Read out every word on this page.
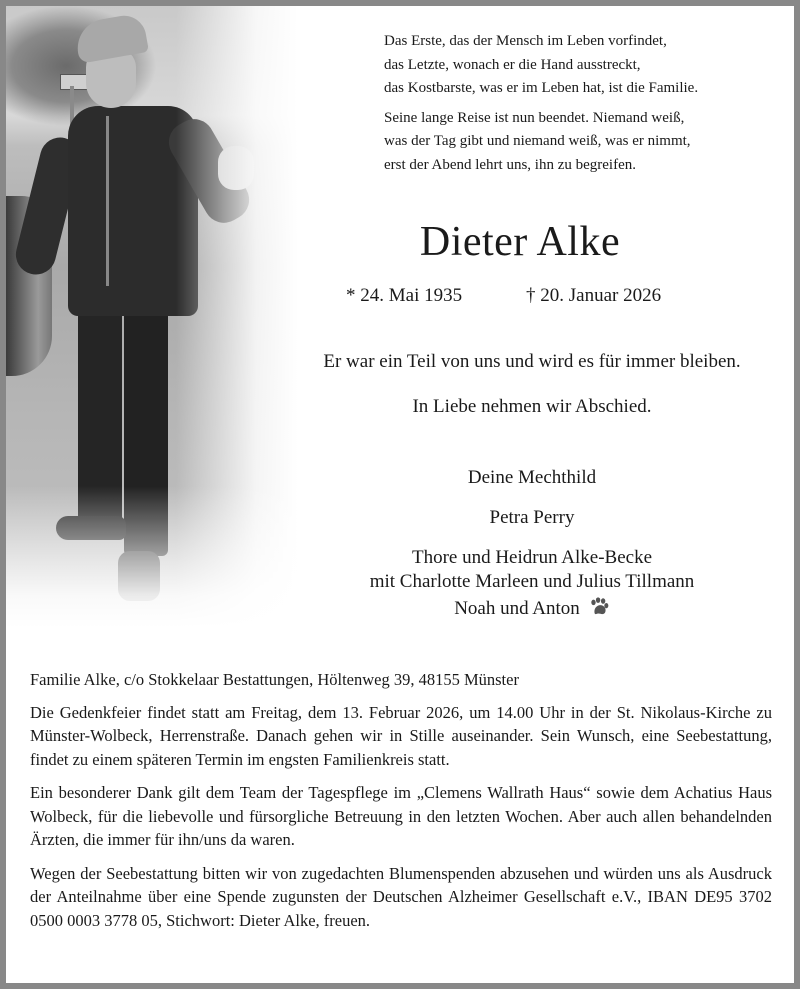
Das Erste, das der Mensch im Leben vorfindet,
das Letzte, wonach er die Hand ausstreckt,
das Kostbarste, was er im Leben hat, ist die Familie.

Seine lange Reise ist nun beendet. Niemand weiß,
was der Tag gibt und niemand weiß, was er nimmt,
erst der Abend lehrt uns, ihn zu begreifen.

Dieter Alke
* 24. Mai 1935	† 20. Januar 2026
Er war ein Teil von uns und wird es für immer bleiben.
In Liebe nehmen wir Abschied.
Deine Mechthild
Petra Perry
Thore und Heidrun Alke-Becke
mit Charlotte Marleen und Julius Tillmann
Noah und Anton

Familie Alke, c/o Stokkelaar Bestattungen, Höltenweg 39, 48155 Münster

Die Gedenkfeier findet statt am Freitag, dem 13. Februar 2026, um 14.00 Uhr in der St. Nikolaus-Kirche zu Münster-Wolbeck, Herrenstraße. Danach gehen wir in Stille auseinander. Sein Wunsch, eine Seebestattung, findet zu einem späteren Termin im engsten Familienkreis statt.

Ein besonderer Dank gilt dem Team der Tagespflege im „Clemens Wallrath Haus“ sowie dem Achatius Haus Wolbeck, für die liebevolle und fürsorgliche Betreuung in den letzten Wochen. Aber auch allen behandelnden Ärzten, die immer für ihn/uns da waren.

Wegen der Seebestattung bitten wir von zugedachten Blumenspenden abzusehen und würden uns als Ausdruck der Anteilnahme über eine Spende zugunsten der Deutschen Alzheimer Gesellschaft e.V., IBAN DE95 3702 0500 0003 3778 05, Stichwort: Dieter Alke, freuen.
